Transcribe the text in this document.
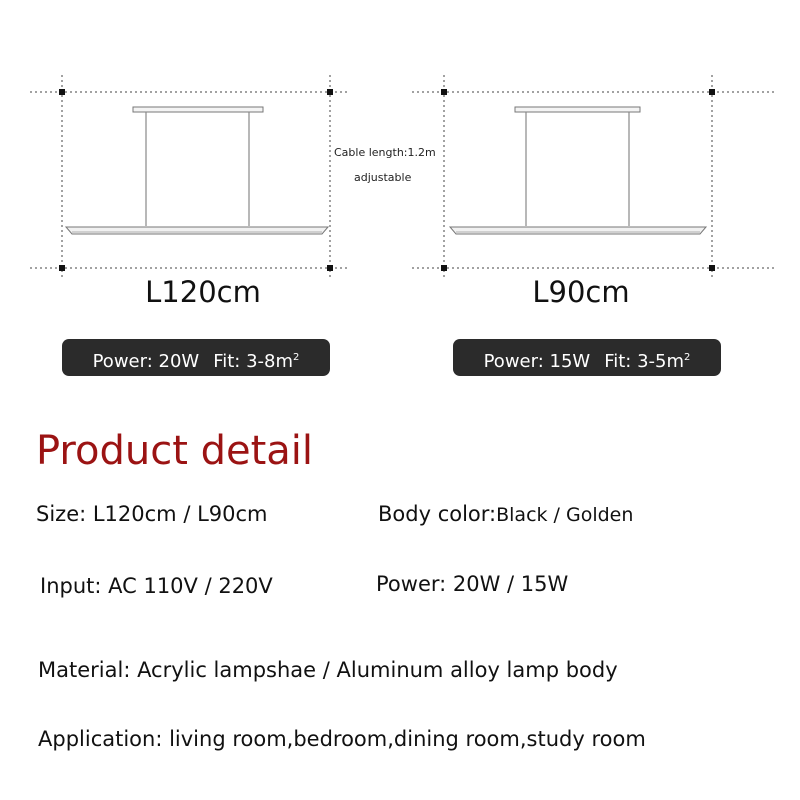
Cable length:1.2m
adjustable
L120cm	L90cm
Power: 20W Fit: $3-8m^2$	Power: 15W Fit: $3-5m^2$
Product detail
Size: L120cm / L90cm	Body color:Black / Golden
Input: AC 110V / 220V	Power: 20W / 15W
Material: Acrylic lampshae / Aluminum alloy lamp body
Application: living room,bedroom,dining room,study room
